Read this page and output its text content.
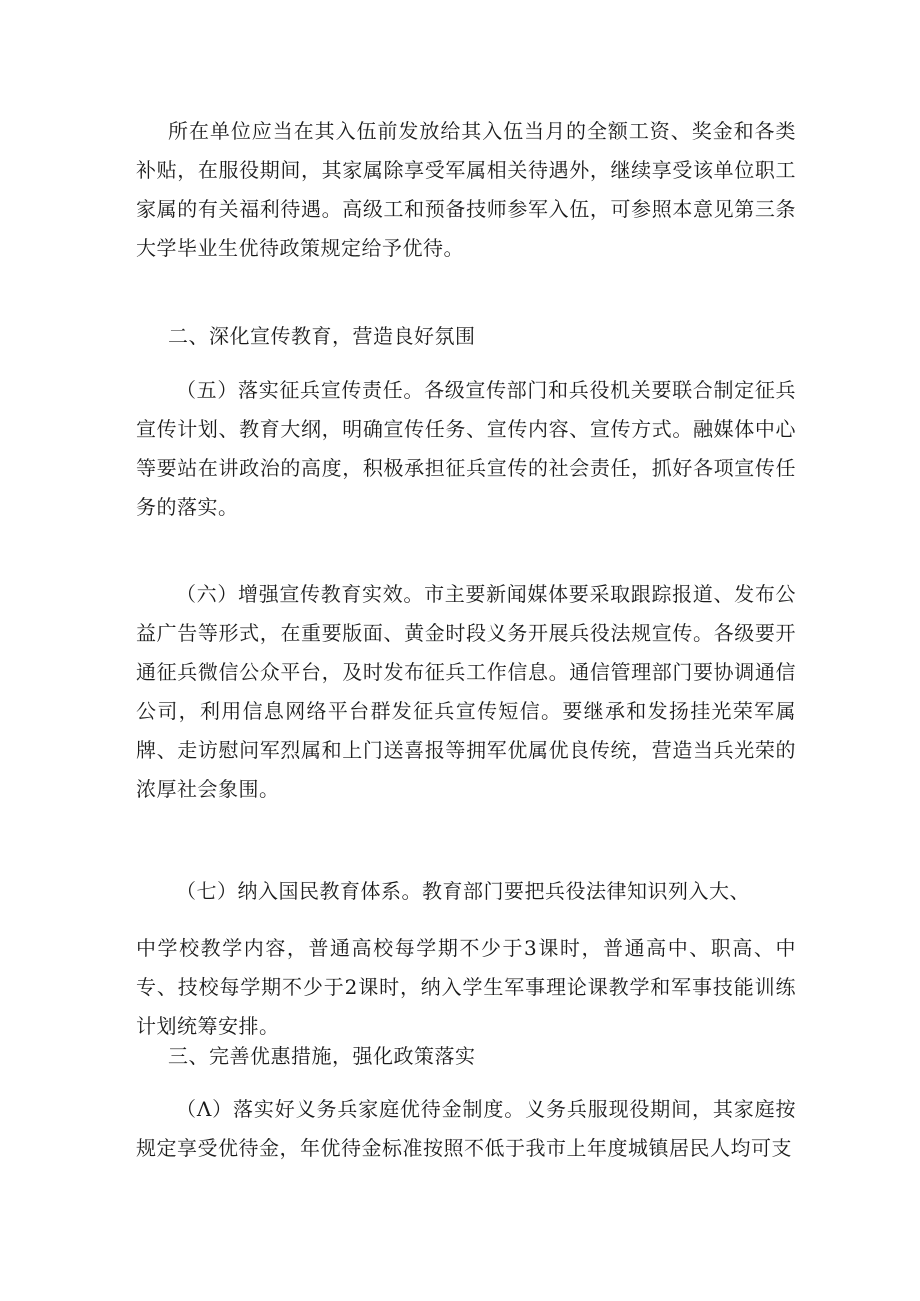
所在单位应当在其入伍前发放给其入伍当月的全额工资、奖金和各类补贴，在服役期间，其家属除享受军属相关待遇外，继续享受该单位职工家属的有关福利待遇。高级工和预备技师参军入伍，可参照本意见第三条大学毕业生优待政策规定给予优待。

二、深化宣传教育，营造良好氛围

（五）落实征兵宣传责任。各级宣传部门和兵役机关要联合制定征兵宣传计划、教育大纲，明确宣传任务、宣传内容、宣传方式。融媒体中心等要站在讲政治的高度，积极承担征兵宣传的社会责任，抓好各项宣传任务的落实。

（六）增强宣传教育实效。市主要新闻媒体要采取跟踪报道、发布公益广告等形式，在重要版面、黄金时段义务开展兵役法规宣传。各级要开通征兵微信公众平台，及时发布征兵工作信息。通信管理部门要协调通信公司，利用信息网络平台群发征兵宣传短信。要继承和发扬挂光荣军属牌、走访慰问军烈属和上门送喜报等拥军优属优良传统，营造当兵光荣的浓厚社会象围。

（七）纳入国民教育体系。教育部门要把兵役法律知识列入大、

中学校教学内容，普通高校每学期不少于3课时，普通高中、职高、中专、技校每学期不少于2课时，纳入学生军事理论课教学和军事技能训练计划统筹安排。

三、完善优惠措施，强化政策落实

（Λ）落实好义务兵家庭优待金制度。义务兵服现役期间，其家庭按规定享受优待金，年优待金标准按照不低于我市上年度城镇居民人均可支
